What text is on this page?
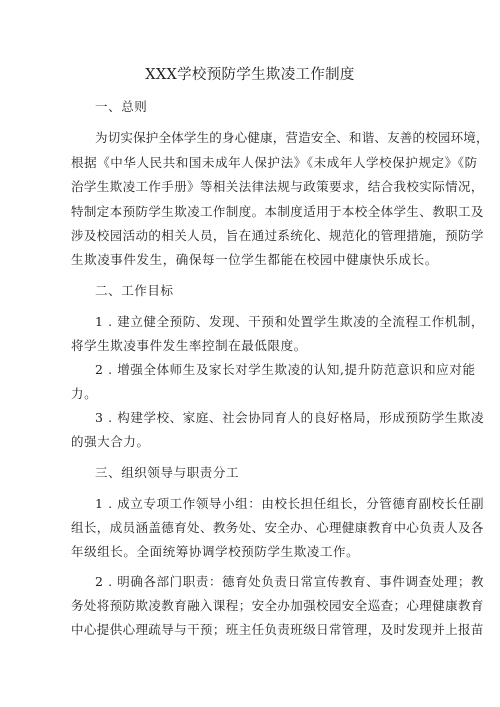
XXX学校预防学生欺凌工作制度
一、总则
为切实保护全体学生的身心健康，营造安全、和谐、友善的校园环境，
根据《中华人民共和国未成年人保护法》《未成年人学校保护规定》《防
治学生欺凌工作手册》等相关法律法规与政策要求，结合我校实际情况，
特制定本预防学生欺凌工作制度。本制度适用于本校全体学生、教职工及
涉及校园活动的相关人员，旨在通过系统化、规范化的管理措施，预防学
生欺凌事件发生，确保每一位学生都能在校园中健康快乐成长。
二、工作目标
1 . 建立健全预防、发现、干预和处置学生欺凌的全流程工作机制，
将学生欺凌事件发生率控制在最低限度。
2 . 增强全体师生及家长对学生欺凌的认知,提升防范意识和应对能
力。
3 . 构建学校、家庭、社会协同育人的良好格局，形成预防学生欺凌
的强大合力。
三、组织领导与职责分工
1 . 成立专项工作领导小组：由校长担任组长，分管德育副校长任副
组长，成员涵盖德育处、教务处、安全办、心理健康教育中心负责人及各
年级组长。全面统筹协调学校预防学生欺凌工作。
2 . 明确各部门职责：德育处负责日常宣传教育、事件调查处理；教
务处将预防欺凌教育融入课程；安全办加强校园安全巡查；心理健康教育
中心提供心理疏导与干预；班主任负责班级日常管理，及时发现并上报苗
